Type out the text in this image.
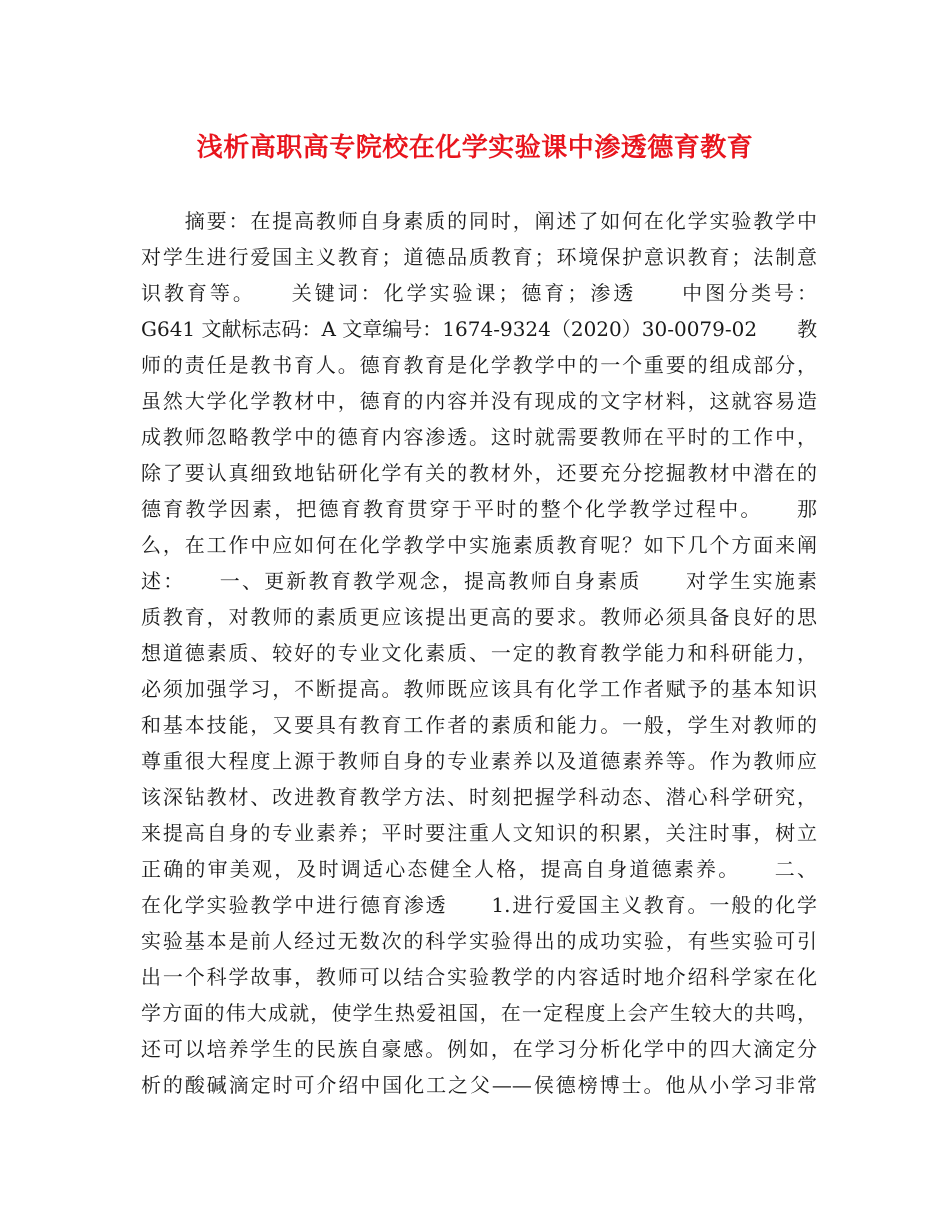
浅析高职高专院校在化学实验课中渗透德育教育
　　摘要：在提高教师自身素质的同时，阐述了如何在化学实验教学中
对学生进行爱国主义教育；道德品质教育；环境保护意识教育；法制意
识教育等。　　关键词：化学实验课；德育；渗透　　中图分类号：
G641 文献标志码：A 文章编号：1674-9324（2020）30-0079-02　　教
师的责任是教书育人。德育教育是化学教学中的一个重要的组成部分，
虽然大学化学教材中，德育的内容并没有现成的文字材料，这就容易造
成教师忽略教学中的德育内容渗透。这时就需要教师在平时的工作中，
除了要认真细致地钻研化学有关的教材外，还要充分挖掘教材中潜在的
德育教学因素，把德育教育贯穿于平时的整个化学教学过程中。　　那
么，在工作中应如何在化学教学中实施素质教育呢？如下几个方面来阐
述：　　一、更新教育教学观念，提高教师自身素质　　对学生实施素
质教育，对教师的素质更应该提出更高的要求。教师必须具备良好的思
想道德素质、较好的专业文化素质、一定的教育教学能力和科研能力，
必须加强学习，不断提高。教师既应该具有化学工作者赋予的基本知识
和基本技能，又要具有教育工作者的素质和能力。一般，学生对教师的
尊重很大程度上源于教师自身的专业素养以及道德素养等。作为教师应
该深钻教材、改进教育教学方法、时刻把握学科动态、潜心科学研究，
来提高自身的专业素养；平时要注重人文知识的积累，关注时事，树立
正确的审美观，及时调适心态健全人格，提高自身道德素养。　　二、
在化学实验教学中进行德育渗透　　1.进行爱国主义教育。一般的化学
实验基本是前人经过无数次的科学实验得出的成功实验，有些实验可引
出一个科学故事，教师可以结合实验教学的内容适时地介绍科学家在化
学方面的伟大成就，使学生热爱祖国，在一定程度上会产生较大的共鸣，
还可以培养学生的民族自豪感。例如，在学习分析化学中的四大滴定分
析的酸碱滴定时可介绍中国化工之父——侯德榜博士。他从小学习非常
